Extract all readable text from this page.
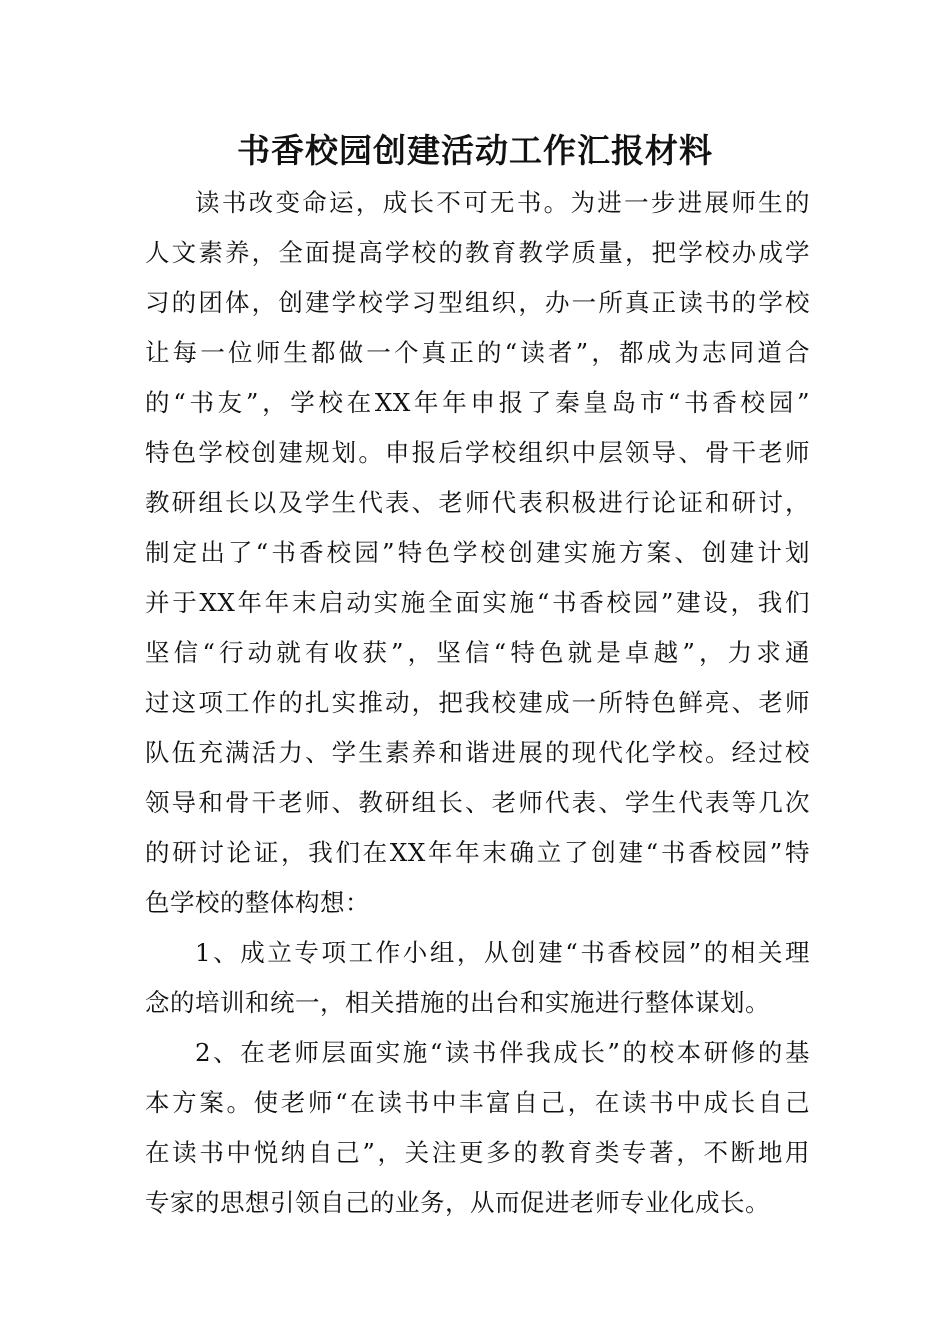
书香校园创建活动工作汇报材料
读书改变命运，成长不可无书。为进一步进展师生的
人文素养，全面提高学校的教育教学质量，把学校办成学
习的团体，创建学校学习型组织，办一所真正读书的学校
让每一位师生都做一个真正的“读者”，都成为志同道合
的“书友”，学校在XX年年申报了秦皇岛市“书香校园”
特色学校创建规划。申报后学校组织中层领导、骨干老师
教研组长以及学生代表、老师代表积极进行论证和研讨，
制定出了“书香校园”特色学校创建实施方案、创建计划
并于XX年年末启动实施全面实施“书香校园”建设，我们
坚信“行动就有收获”，坚信“特色就是卓越”，力求通
过这项工作的扎实推动，把我校建成一所特色鲜亮、老师
队伍充满活力、学生素养和谐进展的现代化学校。经过校
领导和骨干老师、教研组长、老师代表、学生代表等几次
的研讨论证，我们在XX年年末确立了创建“书香校园”特
色学校的整体构想：
1、成立专项工作小组，从创建“书香校园”的相关理
念的培训和统一，相关措施的出台和实施进行整体谋划。
2、在老师层面实施“读书伴我成长”的校本研修的基
本方案。使老师“在读书中丰富自己，在读书中成长自己
在读书中悦纳自己”，关注更多的教育类专著，不断地用
专家的思想引领自己的业务，从而促进老师专业化成长。
